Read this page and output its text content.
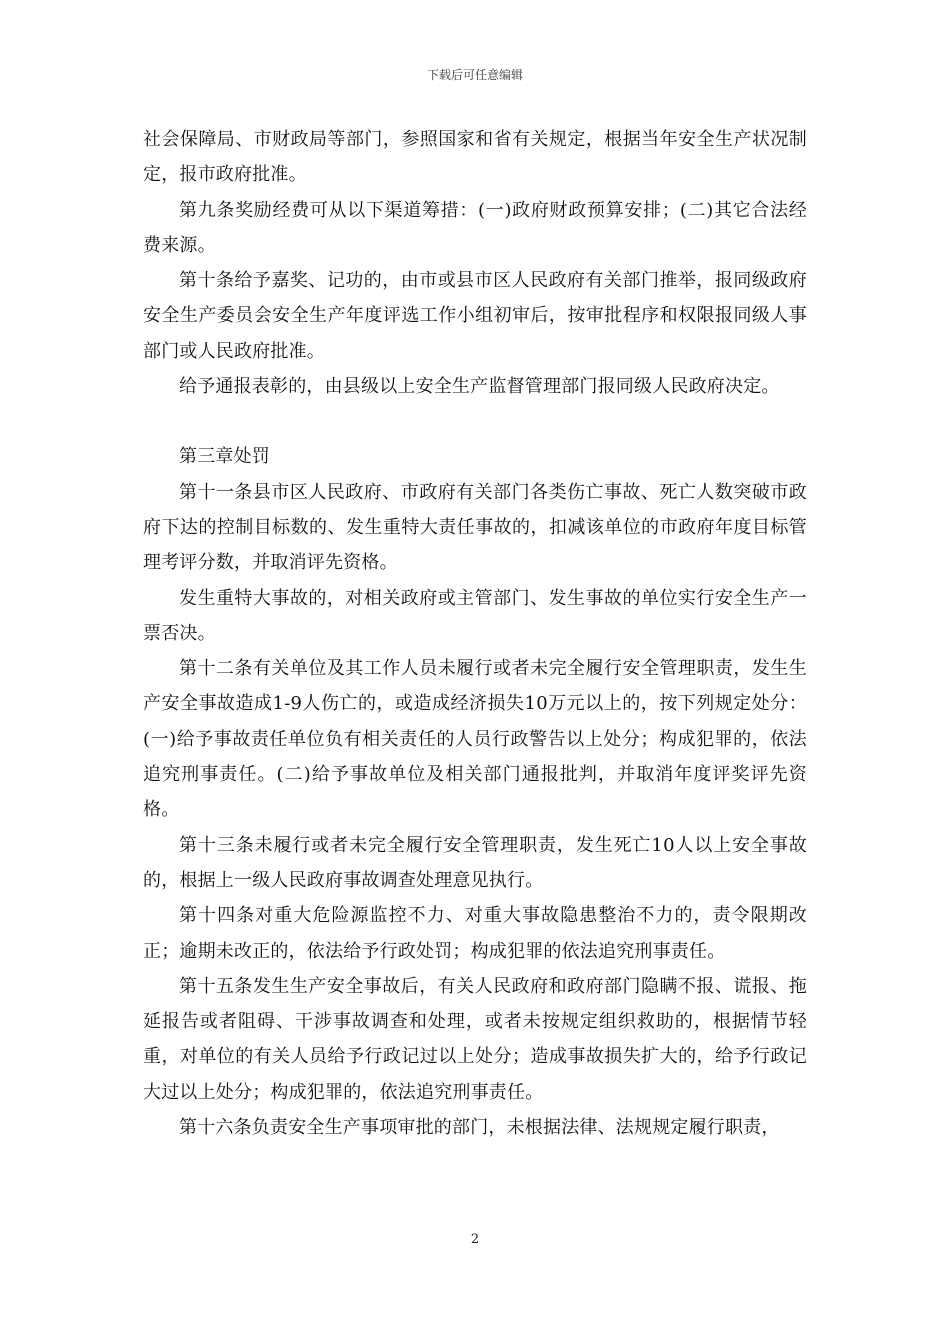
下载后可任意编辑

社会保障局、市财政局等部门，参照国家和省有关规定，根据当年安全生产状况制定，报市政府批准。

第九条奖励经费可从以下渠道筹措：(一)政府财政预算安排；(二)其它合法经费来源。

第十条给予嘉奖、记功的，由市或县市区人民政府有关部门推举，报同级政府安全生产委员会安全生产年度评选工作小组初审后，按审批程序和权限报同级人事部门或人民政府批准。

给予通报表彰的，由县级以上安全生产监督管理部门报同级人民政府决定。

第三章处罚

第十一条县市区人民政府、市政府有关部门各类伤亡事故、死亡人数突破市政府下达的控制目标数的、发生重特大责任事故的，扣减该单位的市政府年度目标管理考评分数，并取消评先资格。

发生重特大事故的，对相关政府或主管部门、发生事故的单位实行安全生产一票否决。

第十二条有关单位及其工作人员未履行或者未完全履行安全管理职责，发生生产安全事故造成1-9人伤亡的，或造成经济损失10万元以上的，按下列规定处分：(一)给予事故责任单位负有相关责任的人员行政警告以上处分；构成犯罪的，依法追究刑事责任。(二)给予事故单位及相关部门通报批判，并取消年度评奖评先资格。

第十三条未履行或者未完全履行安全管理职责，发生死亡10人以上安全事故的，根据上一级人民政府事故调查处理意见执行。

第十四条对重大危险源监控不力、对重大事故隐患整治不力的，责令限期改正；逾期未改正的，依法给予行政处罚；构成犯罪的依法追究刑事责任。

第十五条发生生产安全事故后，有关人民政府和政府部门隐瞒不报、谎报、拖延报告或者阻碍、干涉事故调查和处理，或者未按规定组织救助的，根据情节轻重，对单位的有关人员给予行政记过以上处分；造成事故损失扩大的，给予行政记大过以上处分；构成犯罪的，依法追究刑事责任。

第十六条负责安全生产事项审批的部门，未根据法律、法规规定履行职责，

2
